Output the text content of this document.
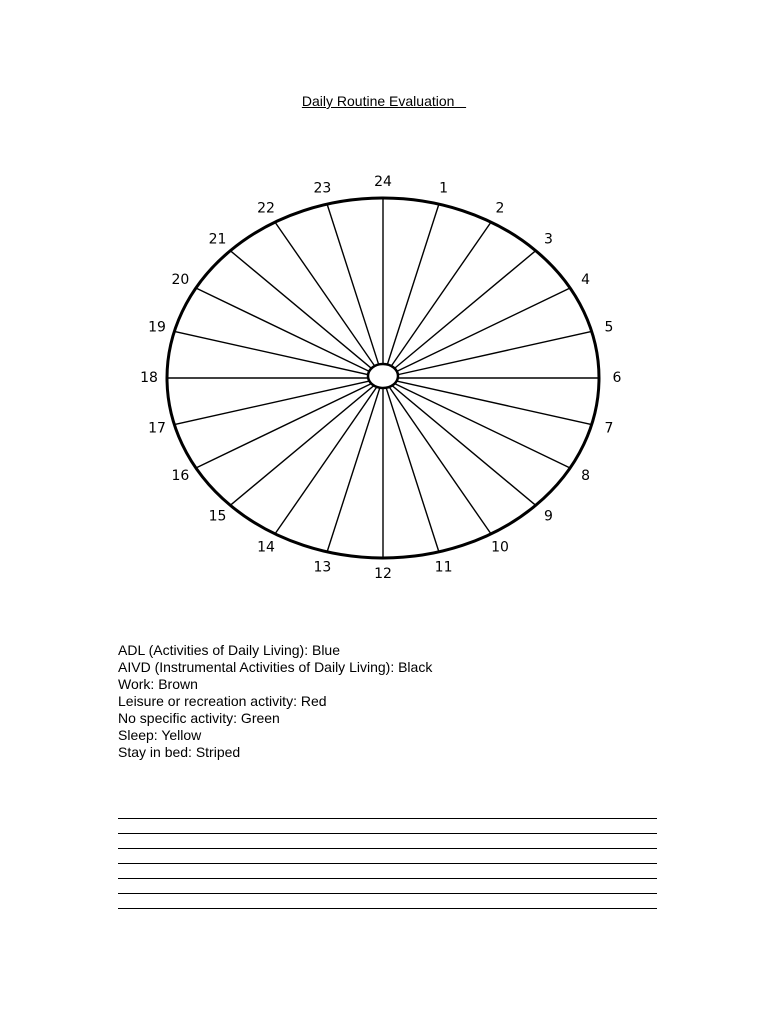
Daily Routine Evaluation
24	1
2
3
4
5
6
7
8
9
10
11
12
13
14
15
16
17
18
19
20
21
22
23
ADL (Activities of Daily Living): Blue
AIVD (Instrumental Activities of Daily Living): Black
Work: Brown
Leisure or recreation activity: Red
No specific activity: Green
Sleep: Yellow
Stay in bed: Striped
